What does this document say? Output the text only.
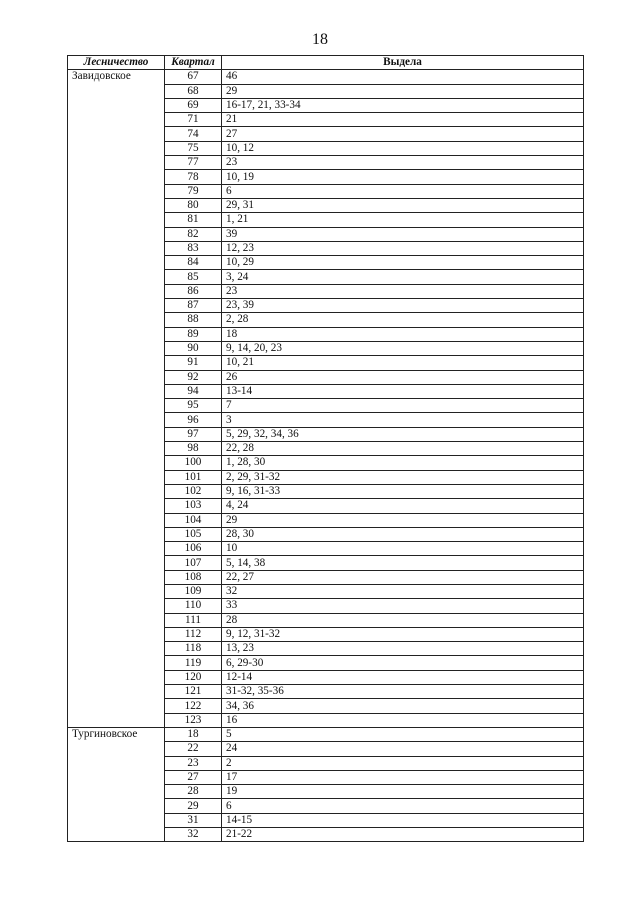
18
Лесничество	Квартал	Выдела
Завидовское	67	46
	68	29
	69	16-17, 21, 33-34
	71	21
	74	27
	75	10, 12
	77	23
	78	10, 19
	79	6
	80	29, 31
	81	1, 21
	82	39
	83	12, 23
	84	10, 29
	85	3, 24
	86	23
	87	23, 39
	88	2, 28
	89	18
	90	9, 14, 20, 23
	91	10, 21
	92	26
	94	13-14
	95	7
	96	3
	97	5, 29, 32, 34, 36
	98	22, 28
	100	1, 28, 30
	101	2, 29, 31-32
	102	9, 16, 31-33
	103	4, 24
	104	29
	105	28, 30
	106	10
	107	5, 14, 38
	108	22, 27
	109	32
	110	33
	111	28
	112	9, 12, 31-32
	118	13, 23
	119	6, 29-30
	120	12-14
	121	31-32, 35-36
	122	34, 36
	123	16
Тургиновское	18	5
	22	24
	23	2
	27	17
	28	19
	29	6
	31	14-15
	32	21-22
